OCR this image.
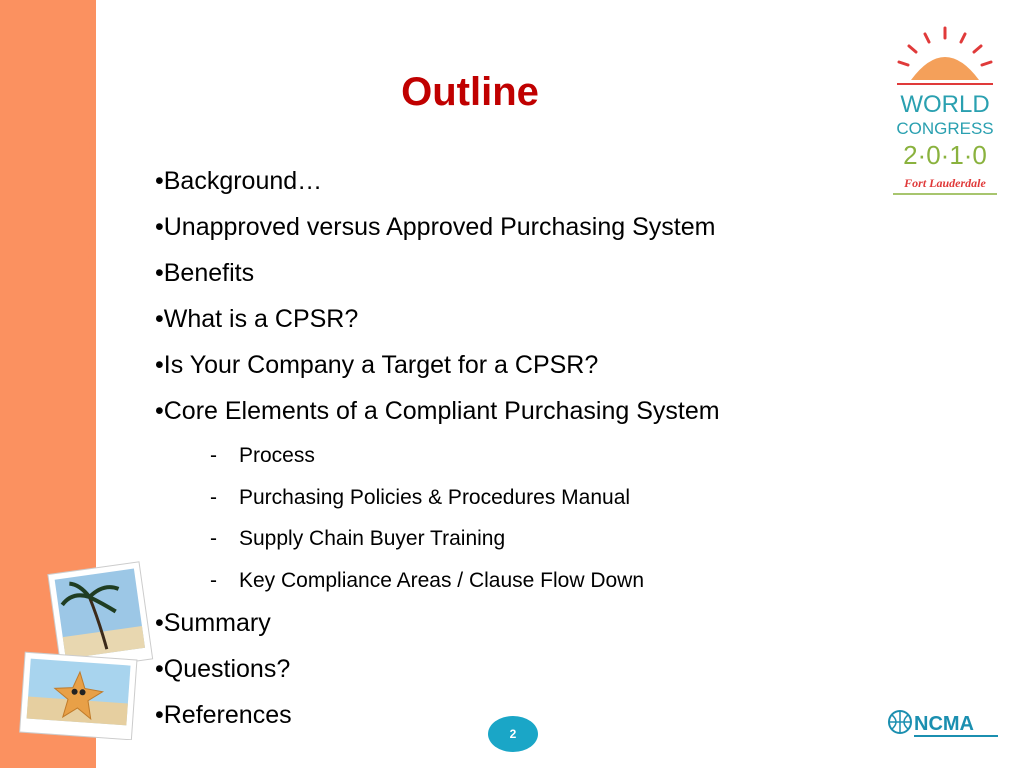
Outline
•Background…
•Unapproved versus Approved Purchasing System
•Benefits
•What is a CPSR?
•Is Your Company a Target for a CPSR?
•Core Elements of a Compliant Purchasing System
- Process
- Purchasing Policies & Procedures Manual
- Supply Chain Buyer Training
- Key Compliance Areas / Clause Flow Down
•Summary
•Questions?
•References
WORLD
CONGRESS
2·0·1·0
Fort Lauderdale
NCMA
2
